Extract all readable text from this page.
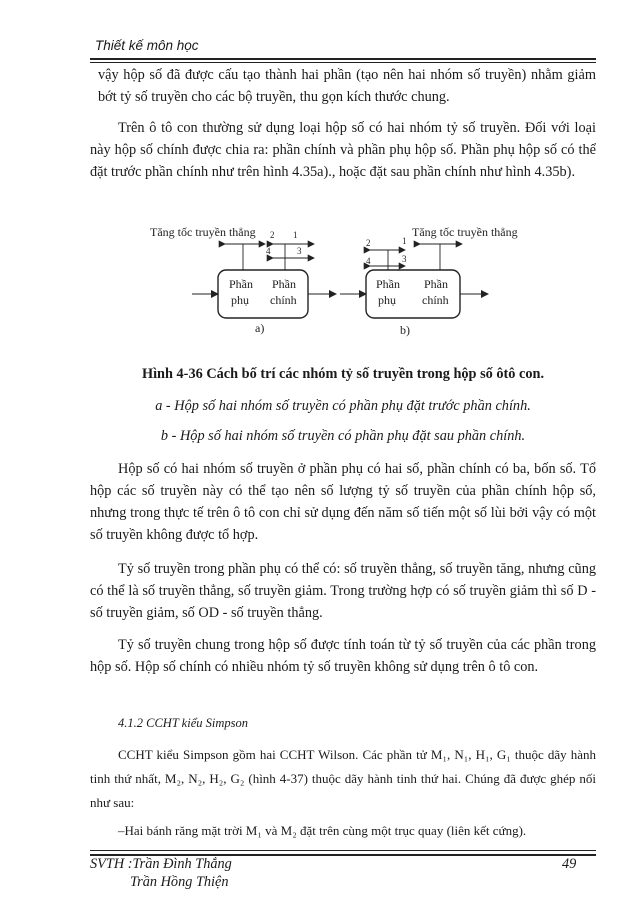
Thiết kế môn học
vậy hộp số đã được cấu tạo thành hai phần (tạo nên hai nhóm số truyền) nhằm giảm bớt tỷ số truyền cho các bộ truyền, thu gọn kích thước chung.
Trên ô tô con thường sử dụng loại hộp số có hai nhóm tỷ số truyền. Đối với loại này hộp số chính được chia ra: phần chính và phần phụ hộp số. Phần phụ hộp số có thể đặt trước phần chính như trên hình 4.35a)., hoặc đặt sau phần chính như hình 4.35b).
Tăng tốc truyền thẳng 2 1
4	3
Phần
phụ
Phần
chính
a)
Tăng tốc truyền thẳng
2	1
4	3
Phần
phụ
Phần
chính
b)
Hình 4-36 Cách bố trí các nhóm tỷ số truyền trong hộp số ôtô con.
a - Hộp số hai nhóm số truyền có phần phụ đặt trước phần chính.
b - Hộp số hai nhóm số truyền có phần phụ đặt sau phần chính.
Hộp số có hai nhóm số truyền ở phần phụ có hai số, phần chính có ba, bốn số. Tổ hộp các số truyền này có thể tạo nên số lượng tỷ số truyền của phần chính hộp số, nhưng trong thực tế trên ô tô con chỉ sử dụng đến năm số tiến một số lùi bởi vậy có một số truyền không được tổ hợp.
Tỷ số truyền trong phần phụ có thể có: số truyền thẳng, số truyền tăng, nhưng cũng có thể là số truyền thẳng, số truyền giảm. Trong trường hợp có số truyền giảm thì số D - số truyền giảm, số OD - số truyền thẳng.
Tỷ số truyền chung trong hộp số được tính toán từ tỷ số truyền của các phần trong hộp số. Hộp số chính có nhiều nhóm tỷ số truyền không sử dụng trên ô tô con.
4.1.2 CCHT kiểu Simpson
CCHT kiểu Simpson gồm hai CCHT Wilson. Các phần tử M₁, N₁, H₁, G₁ thuộc dãy hành tinh thứ nhất, M₂, N₂, H₂, G₂ (hình 4-37) thuộc dãy hành tinh thứ hai. Chúng đã được ghép nối như sau:
–Hai bánh răng mặt trời M₁ và M₂ đặt trên cùng một trục quay (liên kết cứng).
SVTH :Trần Đình Thắng
Trần Hồng Thiện
49
